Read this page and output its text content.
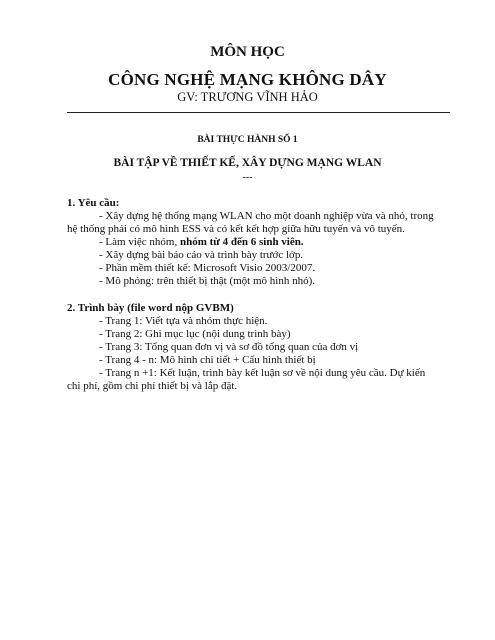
MÔN HỌC
CÔNG NGHỆ MẠNG KHÔNG DÂY
GV: TRƯƠNG VĨNH HẢO
BÀI THỰC HÀNH SỐ 1
BÀI TẬP VỀ THIẾT KẾ, XÂY DỰNG MẠNG WLAN
---
1. Yêu cầu:
- Xây dựng hệ thống mạng WLAN cho một doanh nghiệp vừa và nhỏ, trong
hệ thống phải có mô hình ESS và có kết kết hợp giữa hữu tuyến và vô tuyến.
- Làm việc nhóm, nhóm từ 4 đến 6 sinh viên.
- Xây dựng bài báo cáo và trình bày trước lớp.
- Phần mềm thiết kế: Microsoft Visio 2003/2007.
- Mô phỏng: trên thiết bị thật (một mô hình nhỏ).
2. Trình bày (file word nộp GVBM)
- Trang 1: Viết tựa và nhóm thực hiện.
- Trang 2: Ghi mục lục (nội dung trình bày)
- Trang 3: Tổng quan đơn vị và sơ đồ tổng quan của đơn vị
- Trang 4 - n: Mô hình chi tiết + Cấu hình thiết bị
- Trang n +1: Kết luận, trình bày kết luận sơ về nội dung yêu cầu. Dự kiến
chi phí, gồm chi phí thiết bị và lắp đặt.
